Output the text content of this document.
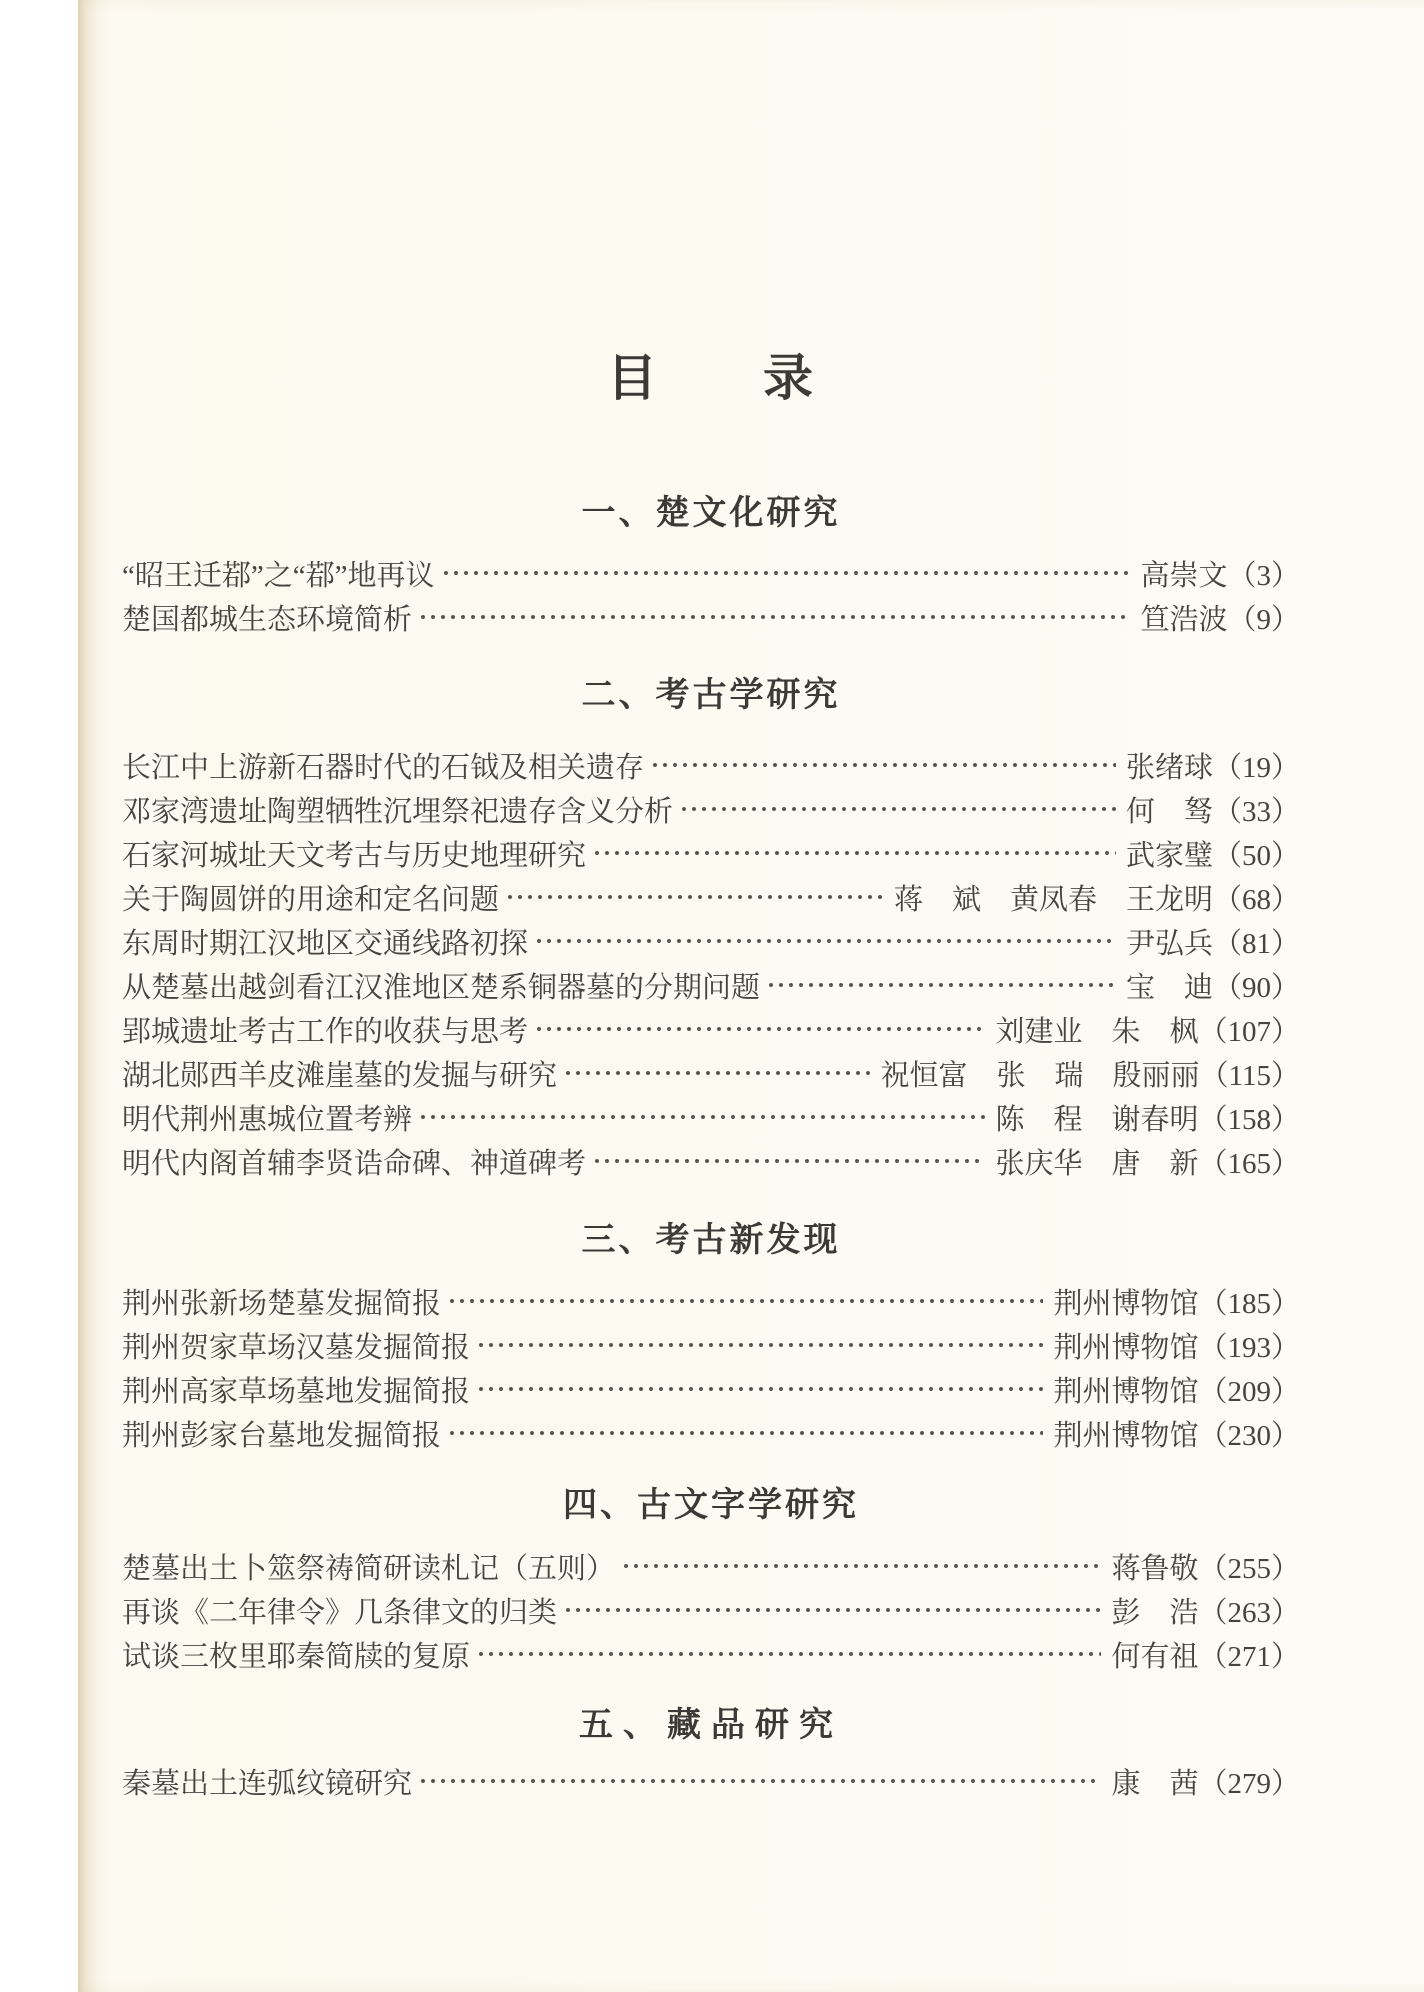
目　　录
一、楚文化研究
“昭王迁鄀”之“鄀”地再议	高崇文 （3）
楚国都城生态环境简析	笪浩波 （9）
二、考古学研究
长江中上游新石器时代的石钺及相关遗存	张绪球 （19）
邓家湾遗址陶塑牺牲沉埋祭祀遗存含义分析	何　驽 （33）
石家河城址天文考古与历史地理研究	武家璧 （50）
关于陶圆饼的用途和定名问题	蒋　斌　黄凤春　王龙明 （68）
东周时期江汉地区交通线路初探	尹弘兵 （81）
从楚墓出越剑看江汉淮地区楚系铜器墓的分期问题	宝　迪 （90）
郢城遗址考古工作的收获与思考	刘建业　朱　枫 （107）
湖北郧西羊皮滩崖墓的发掘与研究	祝恒富　张　瑞　殷丽丽 （115）
明代荆州惠城位置考辨	陈　程　谢春明 （158）
明代内阁首辅李贤诰命碑、神道碑考	张庆华　唐　新 （165）
三、考古新发现
荆州张新场楚墓发掘简报	荆州博物馆 （185）
荆州贺家草场汉墓发掘简报	荆州博物馆 （193）
荆州高家草场墓地发掘简报	荆州博物馆 （209）
荆州彭家台墓地发掘简报	荆州博物馆 （230）
四、古文字学研究
楚墓出土卜筮祭祷简研读札记（五则）	蒋鲁敬 （255）
再谈《二年律令》几条律文的归类	彭　浩 （263）
试谈三枚里耶秦简牍的复原	何有祖 （271）
五、藏品研究
秦墓出土连弧纹镜研究	康　茜 （279）
